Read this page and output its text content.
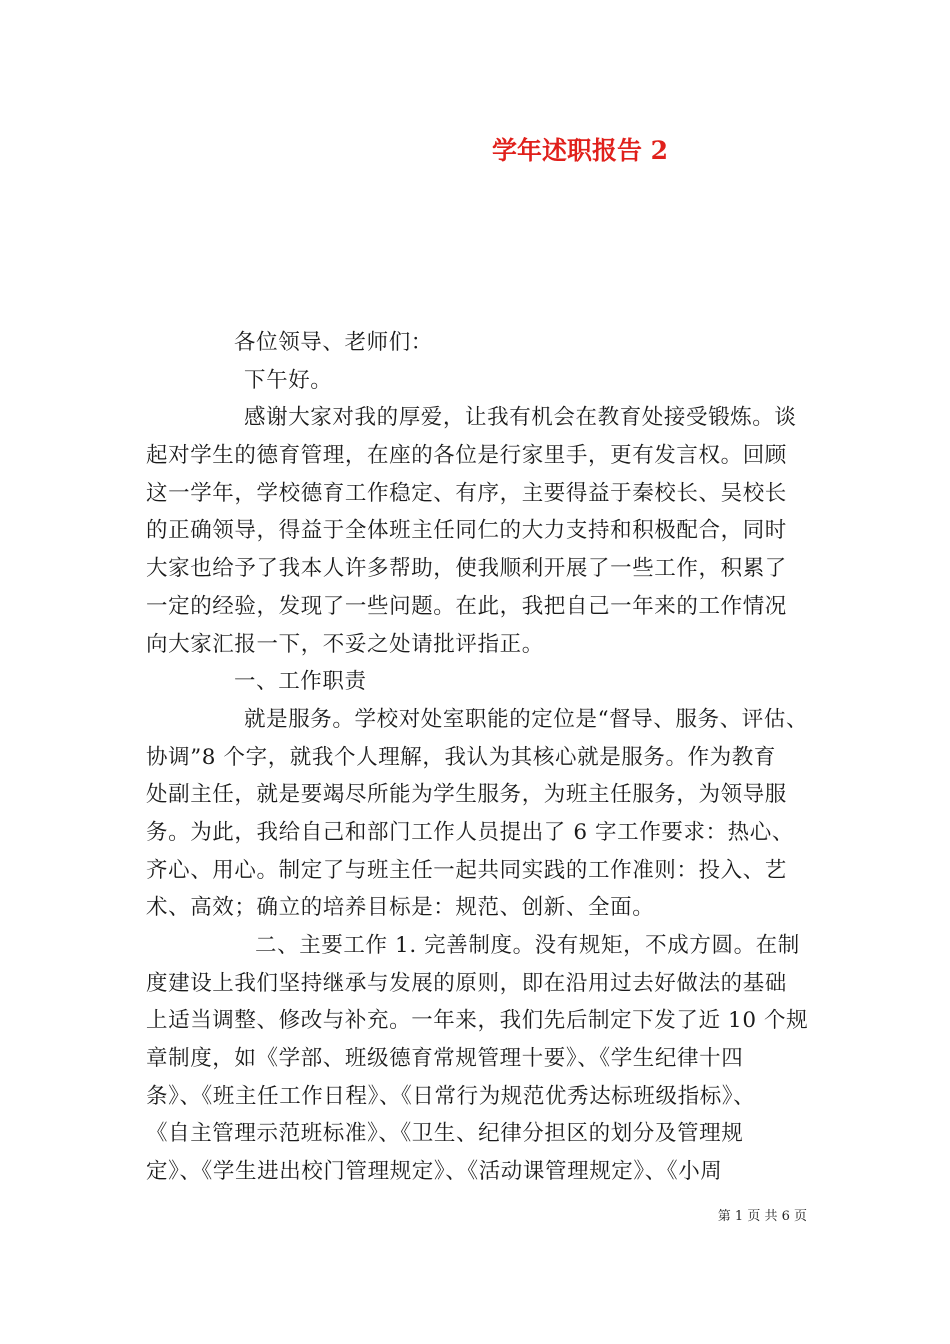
学年述职报告 2
各位领导、老师们：
下午好。
感谢大家对我的厚爱，让我有机会在教育处接受锻炼。谈
起对学生的德育管理，在座的各位是行家里手，更有发言权。回顾
这一学年，学校德育工作稳定、有序，主要得益于秦校长、吴校长
的正确领导，得益于全体班主任同仁的大力支持和积极配合，同时
大家也给予了我本人许多帮助，使我顺利开展了一些工作，积累了
一定的经验，发现了一些问题。在此，我把自己一年来的工作情况
向大家汇报一下，不妥之处请批评指正。
一、工作职责
就是服务。学校对处室职能的定位是“督导、服务、评估、
协调”8 个字，就我个人理解，我认为其核心就是服务。作为教育
处副主任，就是要竭尽所能为学生服务，为班主任服务，为领导服
务。为此，我给自己和部门工作人员提出了 6 字工作要求：热心、
齐心、用心。制定了与班主任一起共同实践的工作准则：投入、艺
术、高效；确立的培养目标是：规范、创新、全面。
二、主要工作 1. 完善制度。没有规矩，不成方圆。在制
度建设上我们坚持继承与发展的原则，即在沿用过去好做法的基础
上适当调整、修改与补充。一年来，我们先后制定下发了近 10 个规
章制度，如《学部、班级德育常规管理十要》、《学生纪律十四
条》、《班主任工作日程》、《日常行为规范优秀达标班级指标》、
《自主管理示范班标准》、《卫生、纪律分担区的划分及管理规
定》、《学生进出校门管理规定》、《活动课管理规定》、《小周
第 1 页 共 6 页
